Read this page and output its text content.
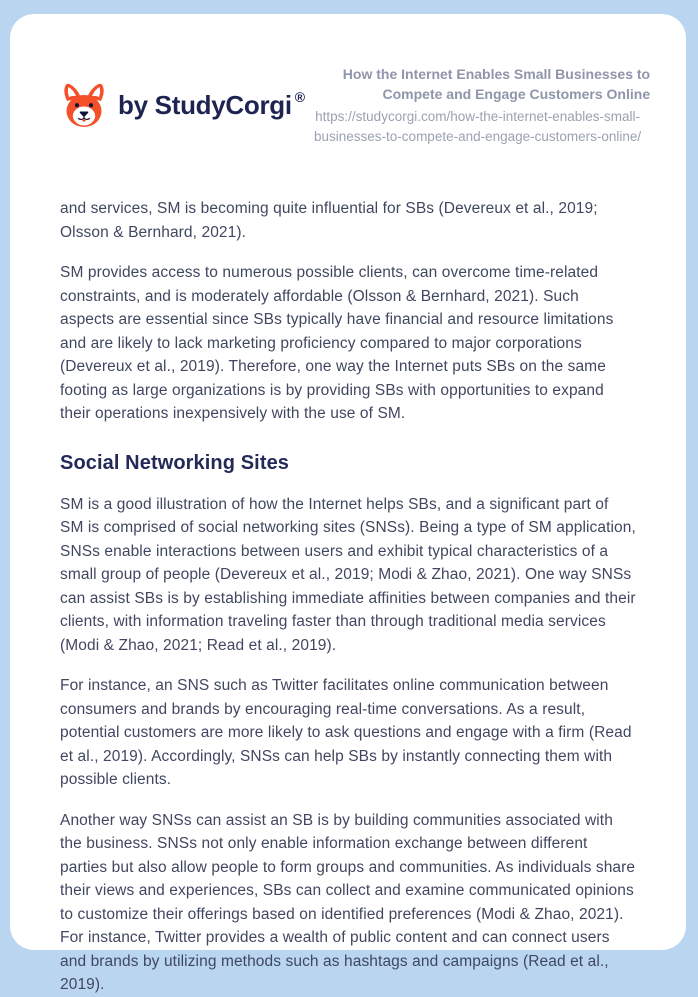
by StudyCorgi ®
How the Internet Enables Small Businesses to Compete and Engage Customers Online
https://studycorgi.com/how-the-internet-enables-small-businesses-to-compete-and-engage-customers-online/

and services, SM is becoming quite influential for SBs (Devereux et al., 2019; Olsson & Bernhard, 2021).

SM provides access to numerous possible clients, can overcome time-related constraints, and is moderately affordable (Olsson & Bernhard, 2021). Such aspects are essential since SBs typically have financial and resource limitations and are likely to lack marketing proficiency compared to major corporations (Devereux et al., 2019). Therefore, one way the Internet puts SBs on the same footing as large organizations is by providing SBs with opportunities to expand their operations inexpensively with the use of SM.

Social Networking Sites

SM is a good illustration of how the Internet helps SBs, and a significant part of SM is comprised of social networking sites (SNSs). Being a type of SM application, SNSs enable interactions between users and exhibit typical characteristics of a small group of people (Devereux et al., 2019; Modi & Zhao, 2021). One way SNSs can assist SBs is by establishing immediate affinities between companies and their clients, with information traveling faster than through traditional media services (Modi & Zhao, 2021; Read et al., 2019).

For instance, an SNS such as Twitter facilitates online communication between consumers and brands by encouraging real-time conversations. As a result, potential customers are more likely to ask questions and engage with a firm (Read et al., 2019). Accordingly, SNSs can help SBs by instantly connecting them with possible clients.

Another way SNSs can assist an SB is by building communities associated with the business. SNSs not only enable information exchange between different parties but also allow people to form groups and communities. As individuals share their views and experiences, SBs can collect and examine communicated opinions to customize their offerings based on identified preferences (Modi & Zhao, 2021). For instance, Twitter provides a wealth of public content and can connect users and brands by utilizing methods such as hashtags and campaigns (Read et al., 2019).
